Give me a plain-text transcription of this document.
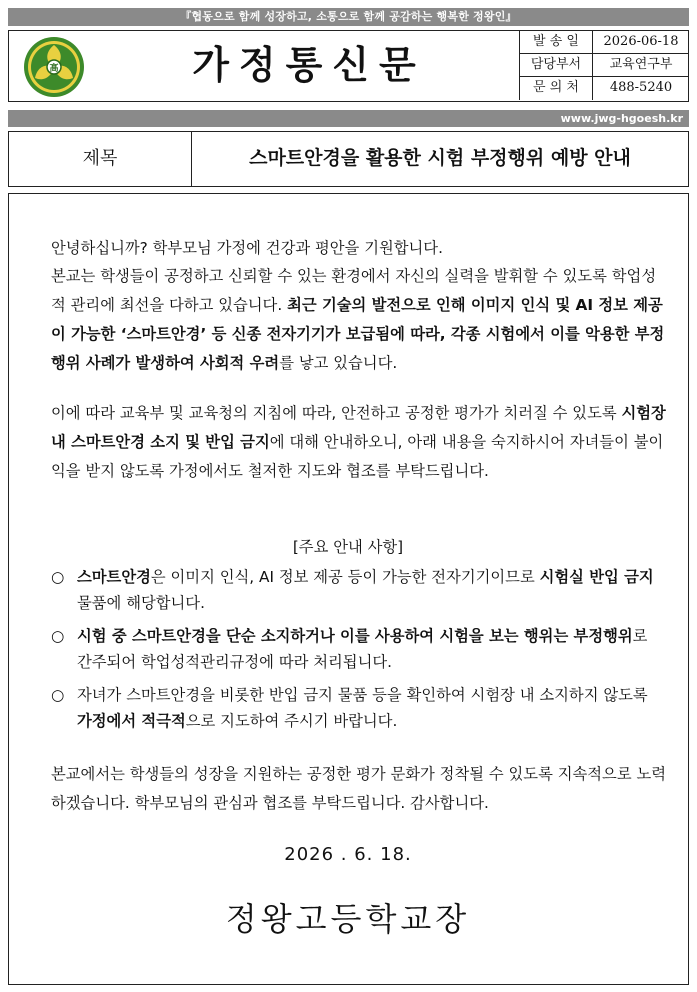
『협동으로 함께 성장하고, 소통으로 함께 공감하는 행복한 정왕인』
高	가정통신문
발 송 일	2026-06-18
담당부서	교육연구부
문 의 처	488-5240
www.jwg-hgoesh.kr
제목	스마트안경을 활용한 시험 부정행위 예방 안내
안녕하십니까? 학부모님 가정에 건강과 평안을 기원합니다.
본교는 학생들이 공정하고 신뢰할 수 있는 환경에서 자신의 실력을 발휘할 수 있도록 학업성적 관리에 최선을 다하고 있습니다. 최근 기술의 발전으로 인해 이미지 인식 및 AI 정보 제공이 가능한 ‘스마트안경’ 등 신종 전자기기가 보급됨에 따라, 각종 시험에서 이를 악용한 부정행위 사례가 발생하여 사회적 우려를 낳고 있습니다.
이에 따라 교육부 및 교육청의 지침에 따라, 안전하고 공정한 평가가 치러질 수 있도록 시험장 내 스마트안경 소지 및 반입 금지에 대해 안내하오니, 아래 내용을 숙지하시어 자녀들이 불이익을 받지 않도록 가정에서도 철저한 지도와 협조를 부탁드립니다.
[주요 안내 사항]
○ 스마트안경은 이미지 인식, AI 정보 제공 등이 가능한 전자기기이므로 시험실 반입 금지 물품에 해당합니다.
○ 시험 중 스마트안경을 단순 소지하거나 이를 사용하여 시험을 보는 행위는 부정행위로 간주되어 학업성적관리규정에 따라 처리됩니다.
○ 자녀가 스마트안경을 비롯한 반입 금지 물품 등을 확인하여 시험장 내 소지하지 않도록 가정에서 적극적으로 지도하여 주시기 바랍니다.
본교에서는 학생들의 성장을 지원하는 공정한 평가 문화가 정착될 수 있도록 지속적으로 노력하겠습니다. 학부모님의 관심과 협조를 부탁드립니다. 감사합니다.
2026 . 6. 18.
정왕고등학교장
